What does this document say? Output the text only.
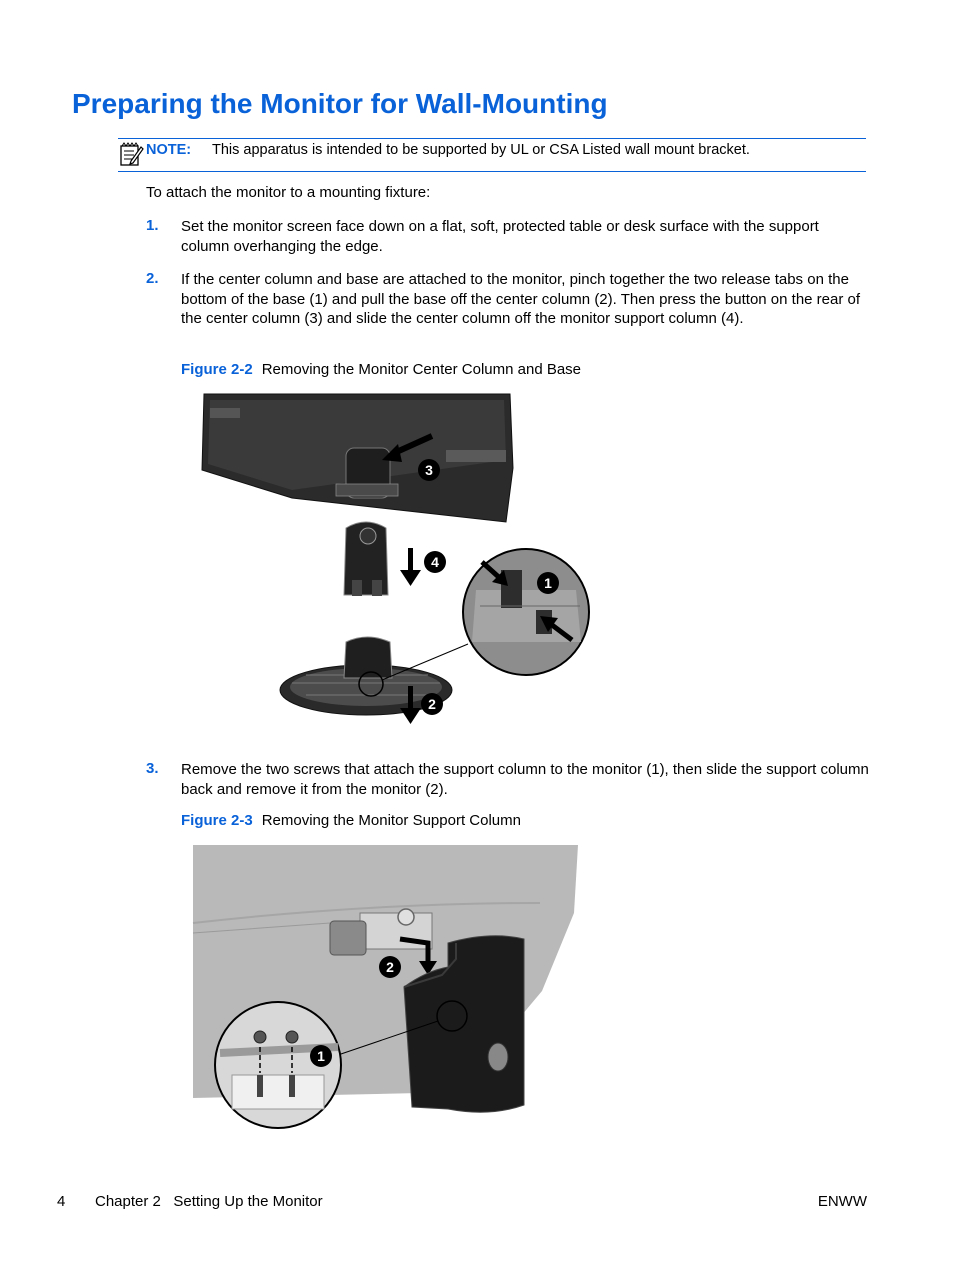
Preparing the Monitor for Wall-Mounting
NOTE: This apparatus is intended to be supported by UL or CSA Listed wall mount bracket.
To attach the monitor to a mounting fixture:
1. Set the monitor screen face down on a flat, soft, protected table or desk surface with the support column overhanging the edge.
2. If the center column and base are attached to the monitor, pinch together the two release tabs on the bottom of the base (1) and pull the base off the center column (2). Then press the button on the rear of the center column (3) and slide the center column off the monitor support column (4).
Figure 2-2 Removing the Monitor Center Column and Base
3
4
1
2
3. Remove the two screws that attach the support column to the monitor (1), then slide the support column back and remove it from the monitor (2).
Figure 2-3 Removing the Monitor Support Column
2
1
4 Chapter 2   Setting Up the Monitor	ENWW
